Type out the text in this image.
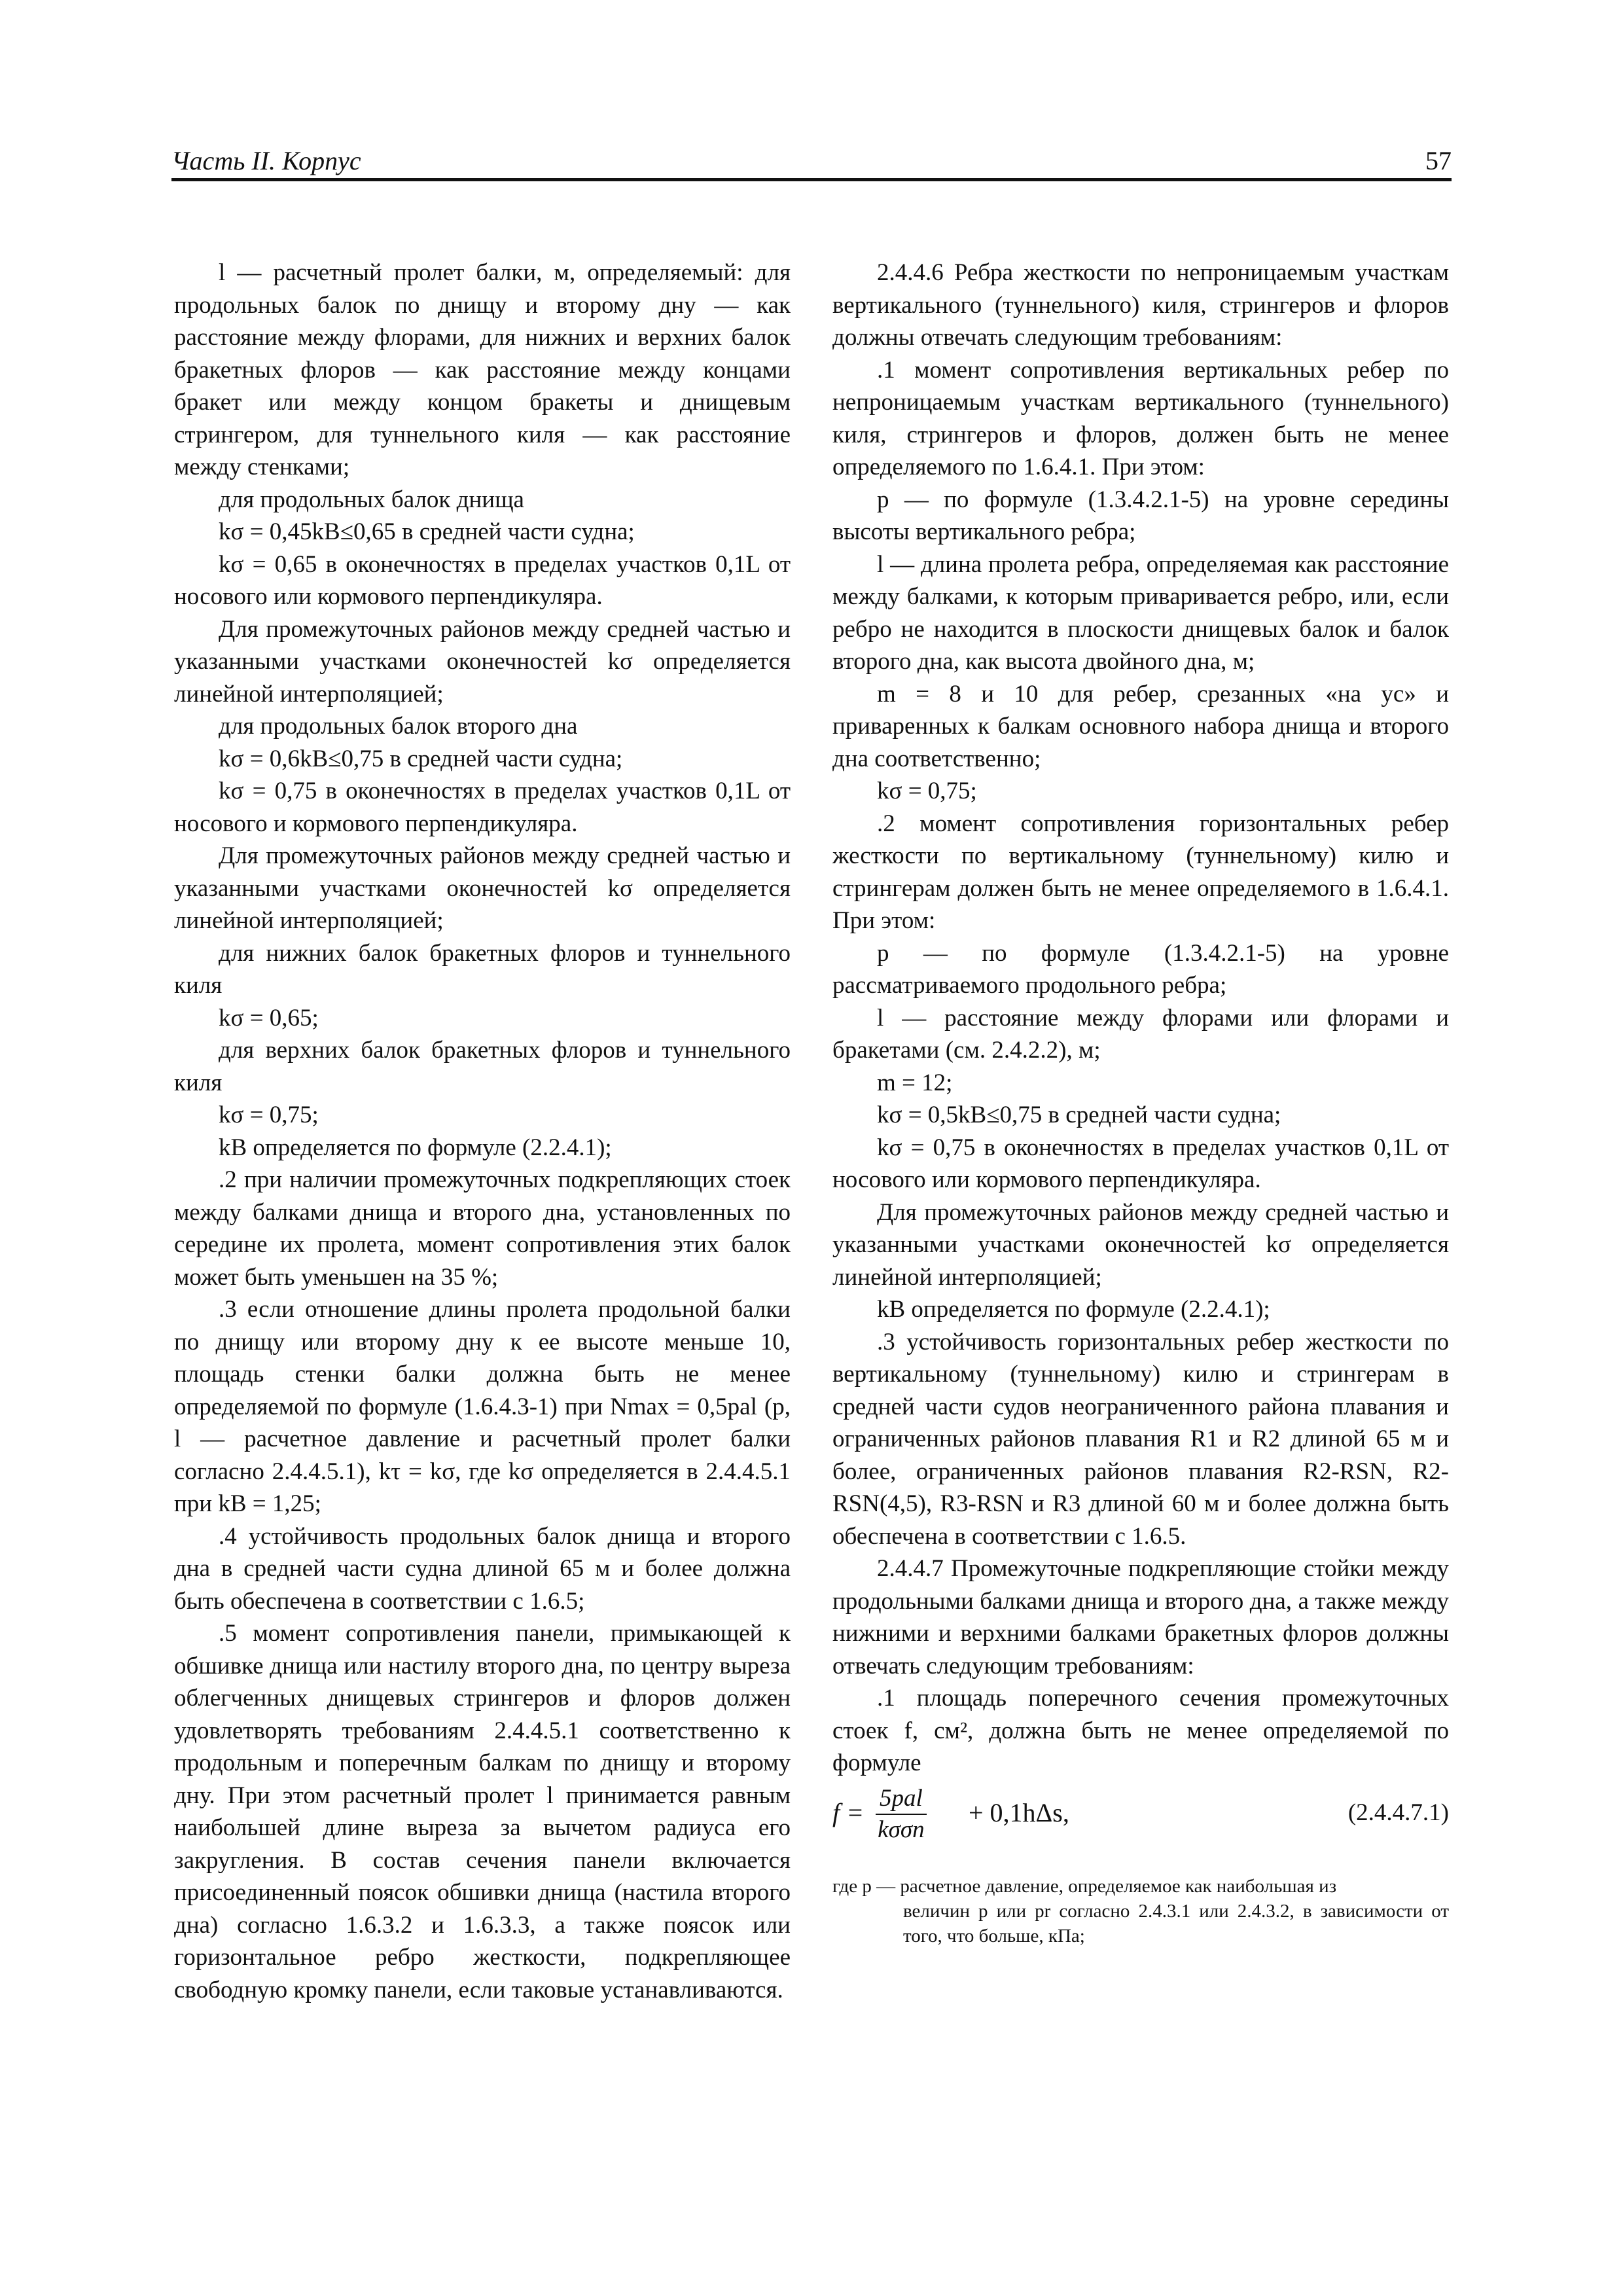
Часть II. Корпус	57

l — расчетный пролет балки, м, определяемый: для продольных балок по днищу и второму дну — как расстояние между флорами, для нижних и верхних балок бракетных флоров — как расстояние между концами бракет или между концом бракеты и днищевым стрингером, для туннельного киля — как расстояние между стенками;

для продольных балок днища

kσ = 0,45kB≤0,65 в средней части судна;

kσ = 0,65 в оконечностях в пределах участков 0,1L от носового или кормового перпендикуляра.

Для промежуточных районов между средней частью и указанными участками оконечностей kσ определяется линейной интерполяцией;

для продольных балок второго дна

kσ = 0,6kB≤0,75 в средней части судна;

kσ = 0,75 в оконечностях в пределах участков 0,1L от носового и кормового перпендикуляра.

Для промежуточных районов между средней частью и указанными участками оконечностей kσ определяется линейной интерполяцией;

для нижних балок бракетных флоров и туннельного киля

kσ = 0,65;

для верхних балок бракетных флоров и туннельного киля

kσ = 0,75;

kB определяется по формуле (2.2.4.1);

.2 при наличии промежуточных подкрепляющих стоек между балками днища и второго дна, установленных по середине их пролета, момент сопротивления этих балок может быть уменьшен на 35 %;

.3 если отношение длины пролета продольной балки по днищу или второму дну к ее высоте меньше 10, площадь стенки балки должна быть не менее определяемой по формуле (1.6.4.3-1) при Nmax = 0,5pal (p, l — расчетное давление и расчетный пролет балки согласно 2.4.4.5.1), kτ = kσ, где kσ определяется в 2.4.4.5.1 при kB = 1,25;

.4 устойчивость продольных балок днища и второго дна в средней части судна длиной 65 м и более должна быть обеспечена в соответствии с 1.6.5;

.5 момент сопротивления панели, примыкающей к обшивке днища или настилу второго дна, по центру выреза облегченных днищевых стрингеров и флоров должен удовлетворять требованиям 2.4.4.5.1 соответственно к продольным и поперечным балкам по днищу и второму дну. При этом расчетный пролет l принимается равным наибольшей длине выреза за вычетом радиуса его закругления. В состав сечения панели включается присоединенный поясок обшивки днища (настила второго дна) согласно 1.6.3.2 и 1.6.3.3, а также поясок или горизонтальное ребро жесткости, подкрепляющее свободную кромку панели, если таковые устанавливаются.

2.4.4.6 Ребра жесткости по непроницаемым участкам вертикального (туннельного) киля, стрингеров и флоров должны отвечать следующим требованиям:

.1 момент сопротивления вертикальных ребер по непроницаемым участкам вертикального (туннельного) киля, стрингеров и флоров, должен быть не менее определяемого по 1.6.4.1. При этом:

p — по формуле (1.3.4.2.1-5) на уровне середины высоты вертикального ребра;

l — длина пролета ребра, определяемая как расстояние между балками, к которым приваривается ребро, или, если ребро не находится в плоскости днищевых балок и балок второго дна, как высота двойного дна, м;

m = 8 и 10 для ребер, срезанных «на ус» и приваренных к балкам основного набора днища и второго дна соответственно;

kσ = 0,75;

.2 момент сопротивления горизонтальных ребер жесткости по вертикальному (туннельному) килю и стрингерам должен быть не менее определяемого в 1.6.4.1. При этом:

p — по формуле (1.3.4.2.1-5) на уровне рассматриваемого продольного ребра;

l — расстояние между флорами или флорами и бракетами (см. 2.4.2.2), м;

m = 12;

kσ = 0,5kB≤0,75 в средней части судна;

kσ = 0,75 в оконечностях в пределах участков 0,1L от носового или кормового перпендикуляра.

Для промежуточных районов между средней частью и указанными участками оконечностей kσ определяется линейной интерполяцией;

kB определяется по формуле (2.2.4.1);

.3 устойчивость горизонтальных ребер жесткости по вертикальному (туннельному) килю и стрингерам в средней части судов неограниченного района плавания и ограниченных районов плавания R1 и R2 длиной 65 м и более, ограниченных районов плавания R2-RSN, R2-RSN(4,5), R3-RSN и R3 длиной 60 м и более должна быть обеспечена в соответствии с 1.6.5.

2.4.4.7 Промежуточные подкрепляющие стойки между продольными балками днища и второго дна, а также между нижними и верхними балками бракетных флоров должны отвечать следующим требованиям:

.1 площадь поперечного сечения промежуточных стоек f, см², должна быть не менее определяемой по формуле

f = 5pal
kσσn
+ 0,1hΔs,	(2.4.4.7.1)
где p — расчетное давление, определяемое как наибольшая из
величин p или pr согласно 2.4.3.1 или 2.4.3.2, в зависимости от того, что больше, кПа;
